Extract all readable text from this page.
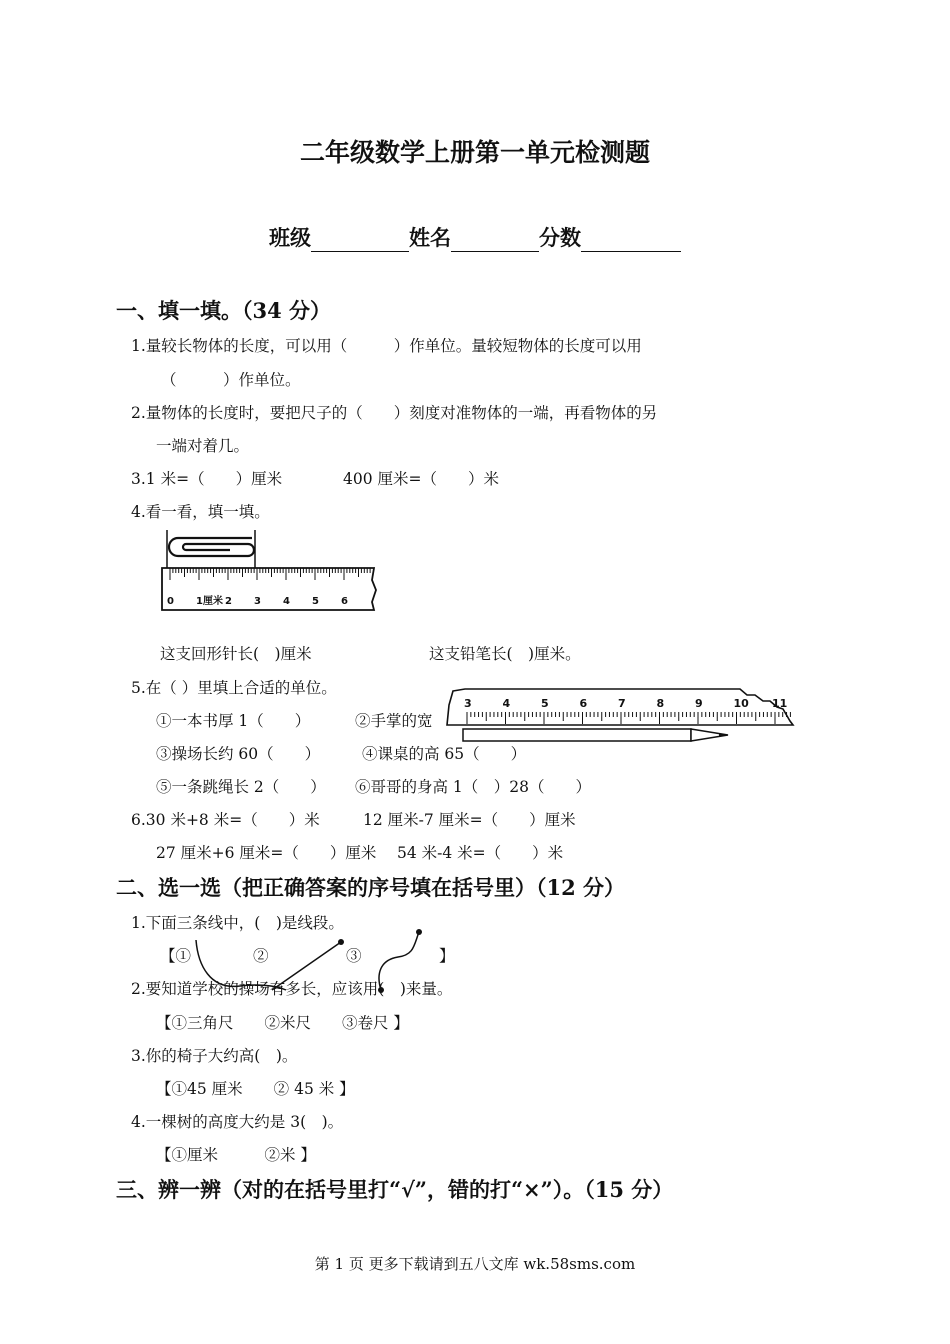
二年级数学上册第一单元检测题
班级	姓名	分数
一、填一填。（34 分）
1.量较长物体的长度，可以用（　　　）作单位。量较短物体的长度可以用
（　　　）作单位。
2.量物体的长度时，要把尺子的（　　）刻度对准物体的一端，再看物体的另
一端对着几。
3.1 米=（　　）厘米	400 厘米=（　　）米
4.看一看，填一填。
0 1厘米 2 3 4 5 6
这支回形针长(　)厘米	这支铅笔长(　)厘米。
5.在（ ）里填上合适的单位。
①一本书厚 1（　　）	②手掌的宽
③操场长约 60（　　）	④课桌的高 65（　　）
⑤一条跳绳长 2（　　） ⑥哥哥的身高 1（　）28（　　）
3	4	5	6	7	8	9	10 11
6.30 米+8 米=（　　）米	12 厘米-7 厘米=（　　）厘米
27 厘米+6 厘米=（　　）厘米 54 米-4 米=（　　）米
二、选一选（把正确答案的序号填在括号里）（12 分）
1.下面三条线中，(　)是线段。
【①　　　　②　　　　　③　　　　　】
2.要知道学校的操场有多长，应该用(　)来量。
【①三角尺　　②米尺　　③卷尺 】
3.你的椅子大约高(　)。
【①45 厘米　　② 45 米 】
4.一棵树的高度大约是 3(　)。
【①厘米　　　②米 】
三、辨一辨（对的在括号里打“√”，错的打“×”）。（15 分）
第 1 页 更多下载请到五八文库 wk.58sms.com
